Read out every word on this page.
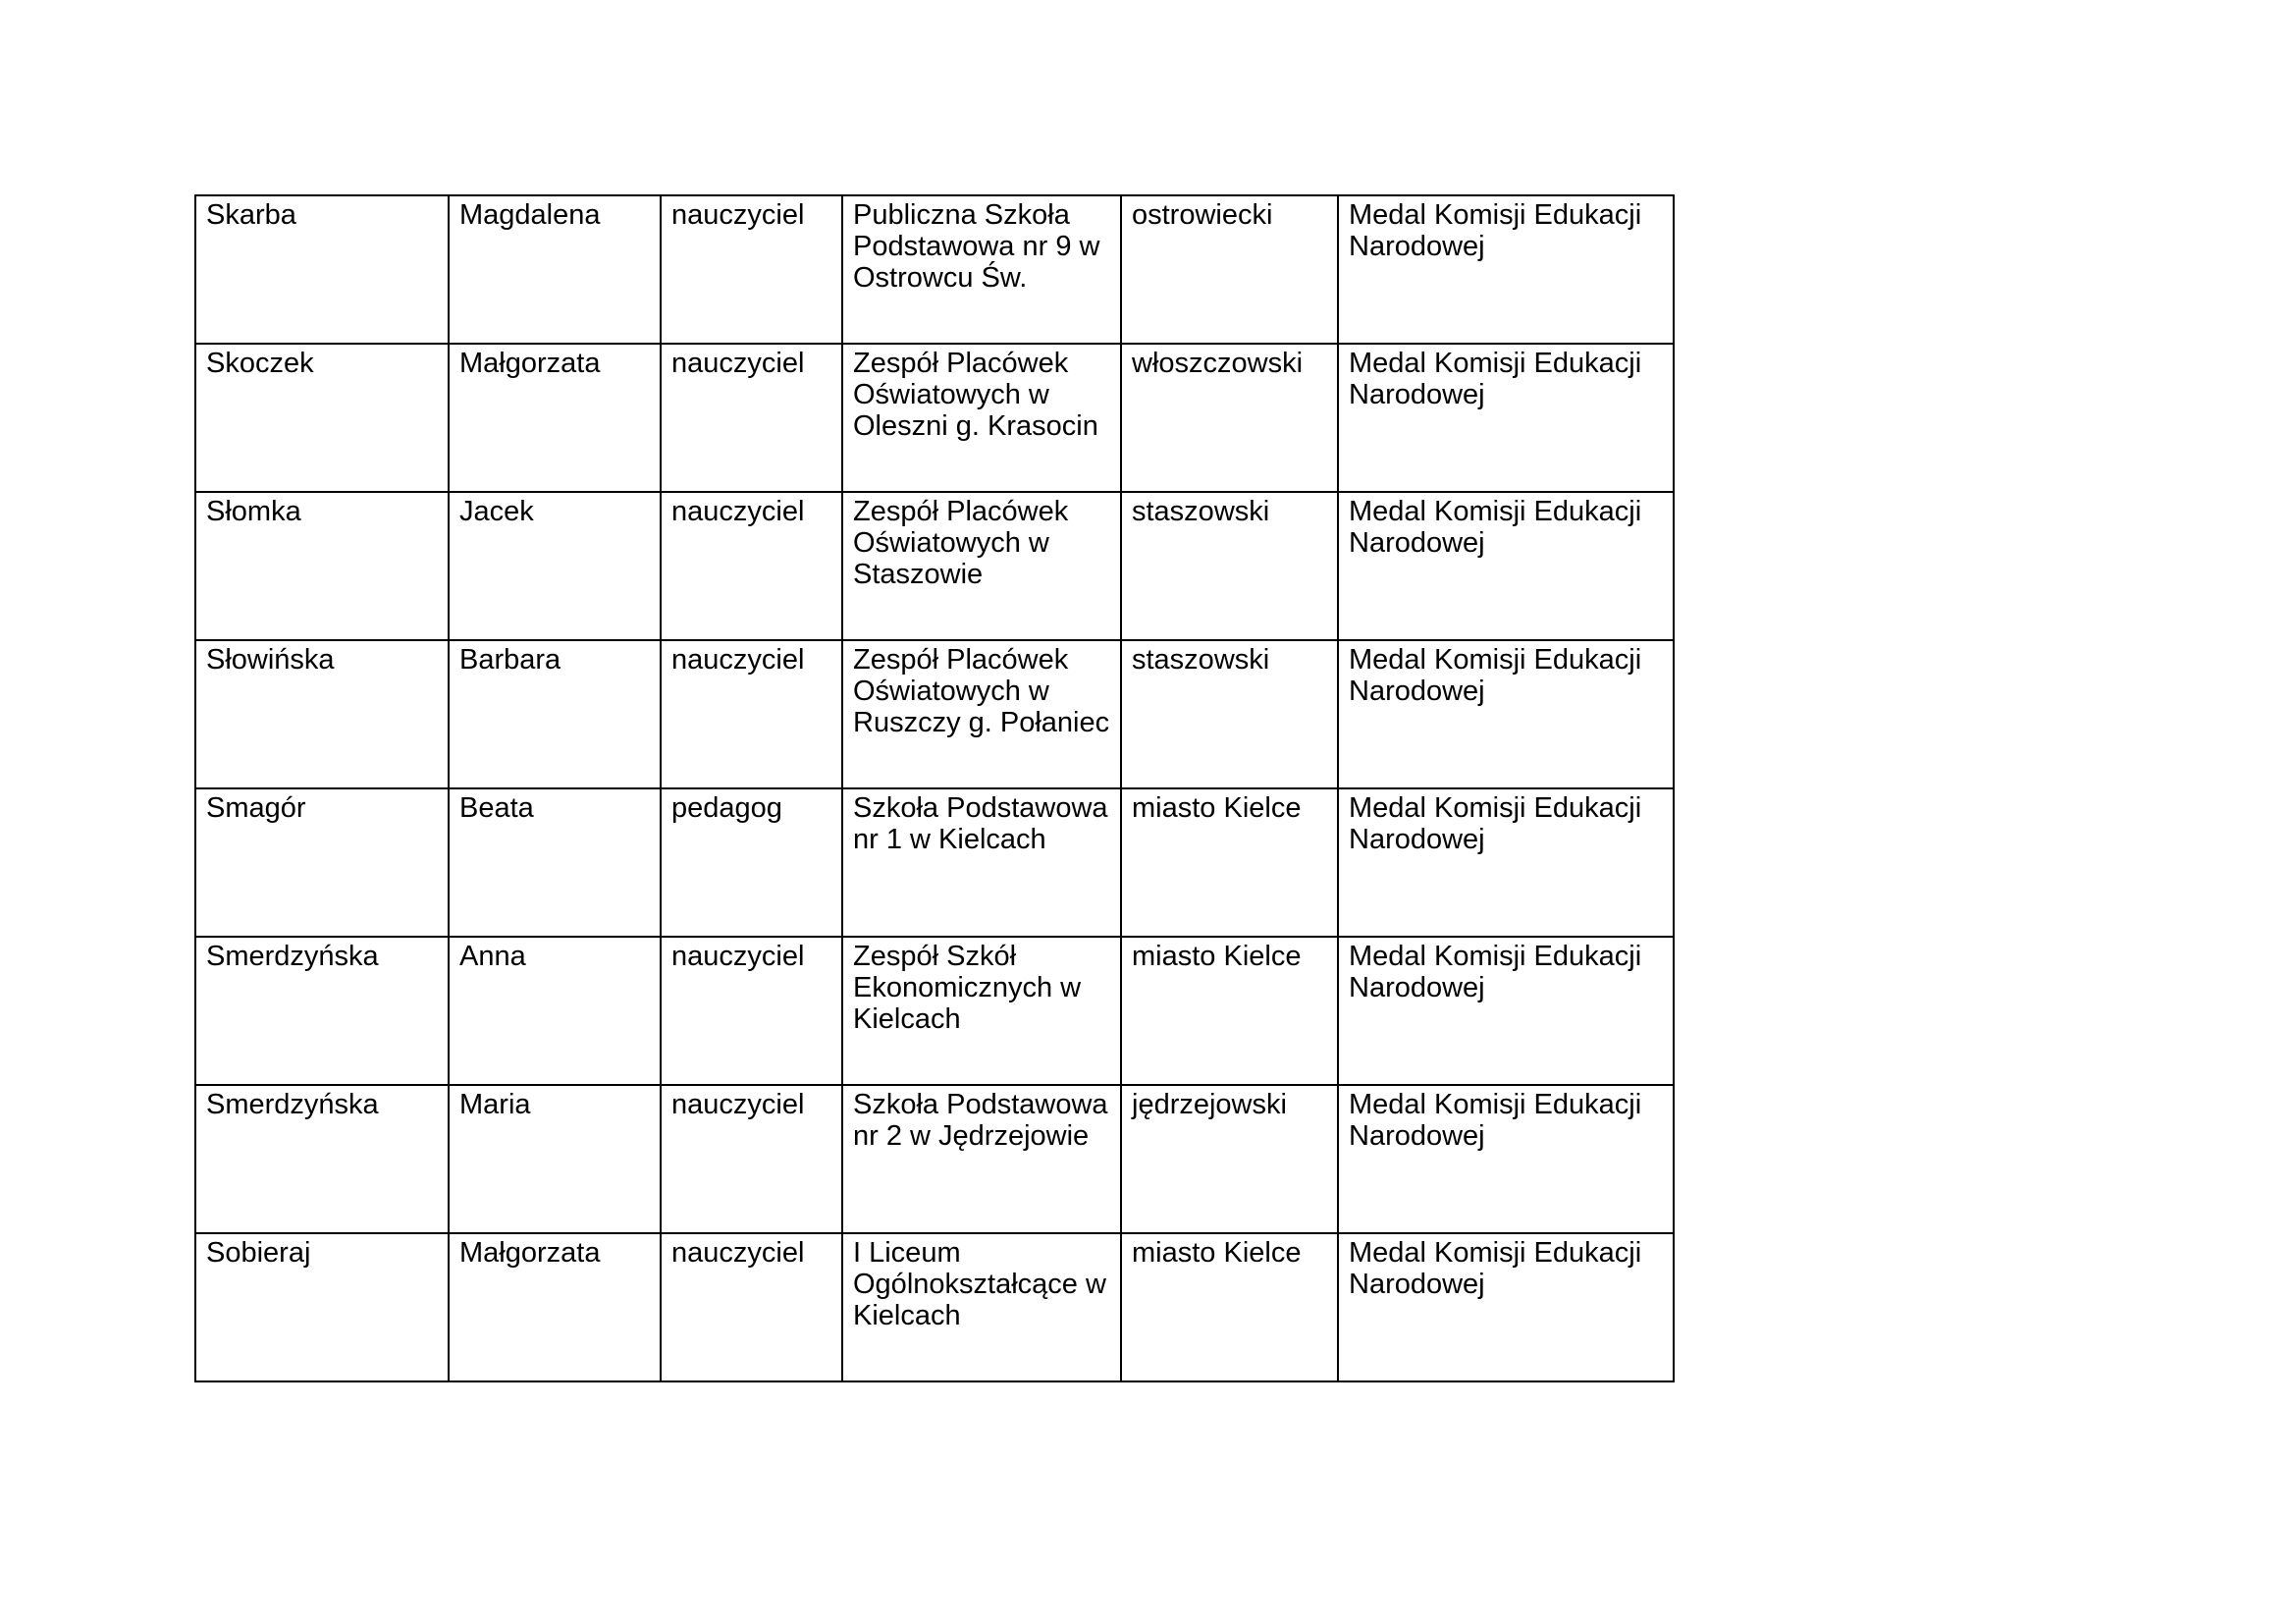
Skarba	Magdalena	nauczyciel	Publiczna Szkoła Podstawowa nr 9 w Ostrowcu Św.	ostrowiecki	Medal Komisji Edukacji Narodowej

Skoczek	Małgorzata	nauczyciel	Zespół Placówek Oświatowych w Oleszni g. Krasocin	włoszczowski	Medal Komisji Edukacji Narodowej

Słomka	Jacek	nauczyciel	Zespół Placówek Oświatowych w Staszowie	staszowski	Medal Komisji Edukacji Narodowej

Słowińska	Barbara	nauczyciel	Zespół Placówek Oświatowych w Ruszczy g. Połaniec	staszowski	Medal Komisji Edukacji Narodowej

Smagór	Beata	pedagog	Szkoła Podstawowa nr 1 w Kielcach	miasto Kielce	Medal Komisji Edukacji Narodowej

Smerdzyńska	Anna	nauczyciel	Zespół Szkół Ekonomicznych w Kielcach	miasto Kielce	Medal Komisji Edukacji Narodowej

Smerdzyńska	Maria	nauczyciel	Szkoła Podstawowa nr 2 w Jędrzejowie	jędrzejowski	Medal Komisji Edukacji Narodowej

Sobieraj	Małgorzata	nauczyciel	I Liceum Ogólnokształcące w Kielcach	miasto Kielce	Medal Komisji Edukacji Narodowej
